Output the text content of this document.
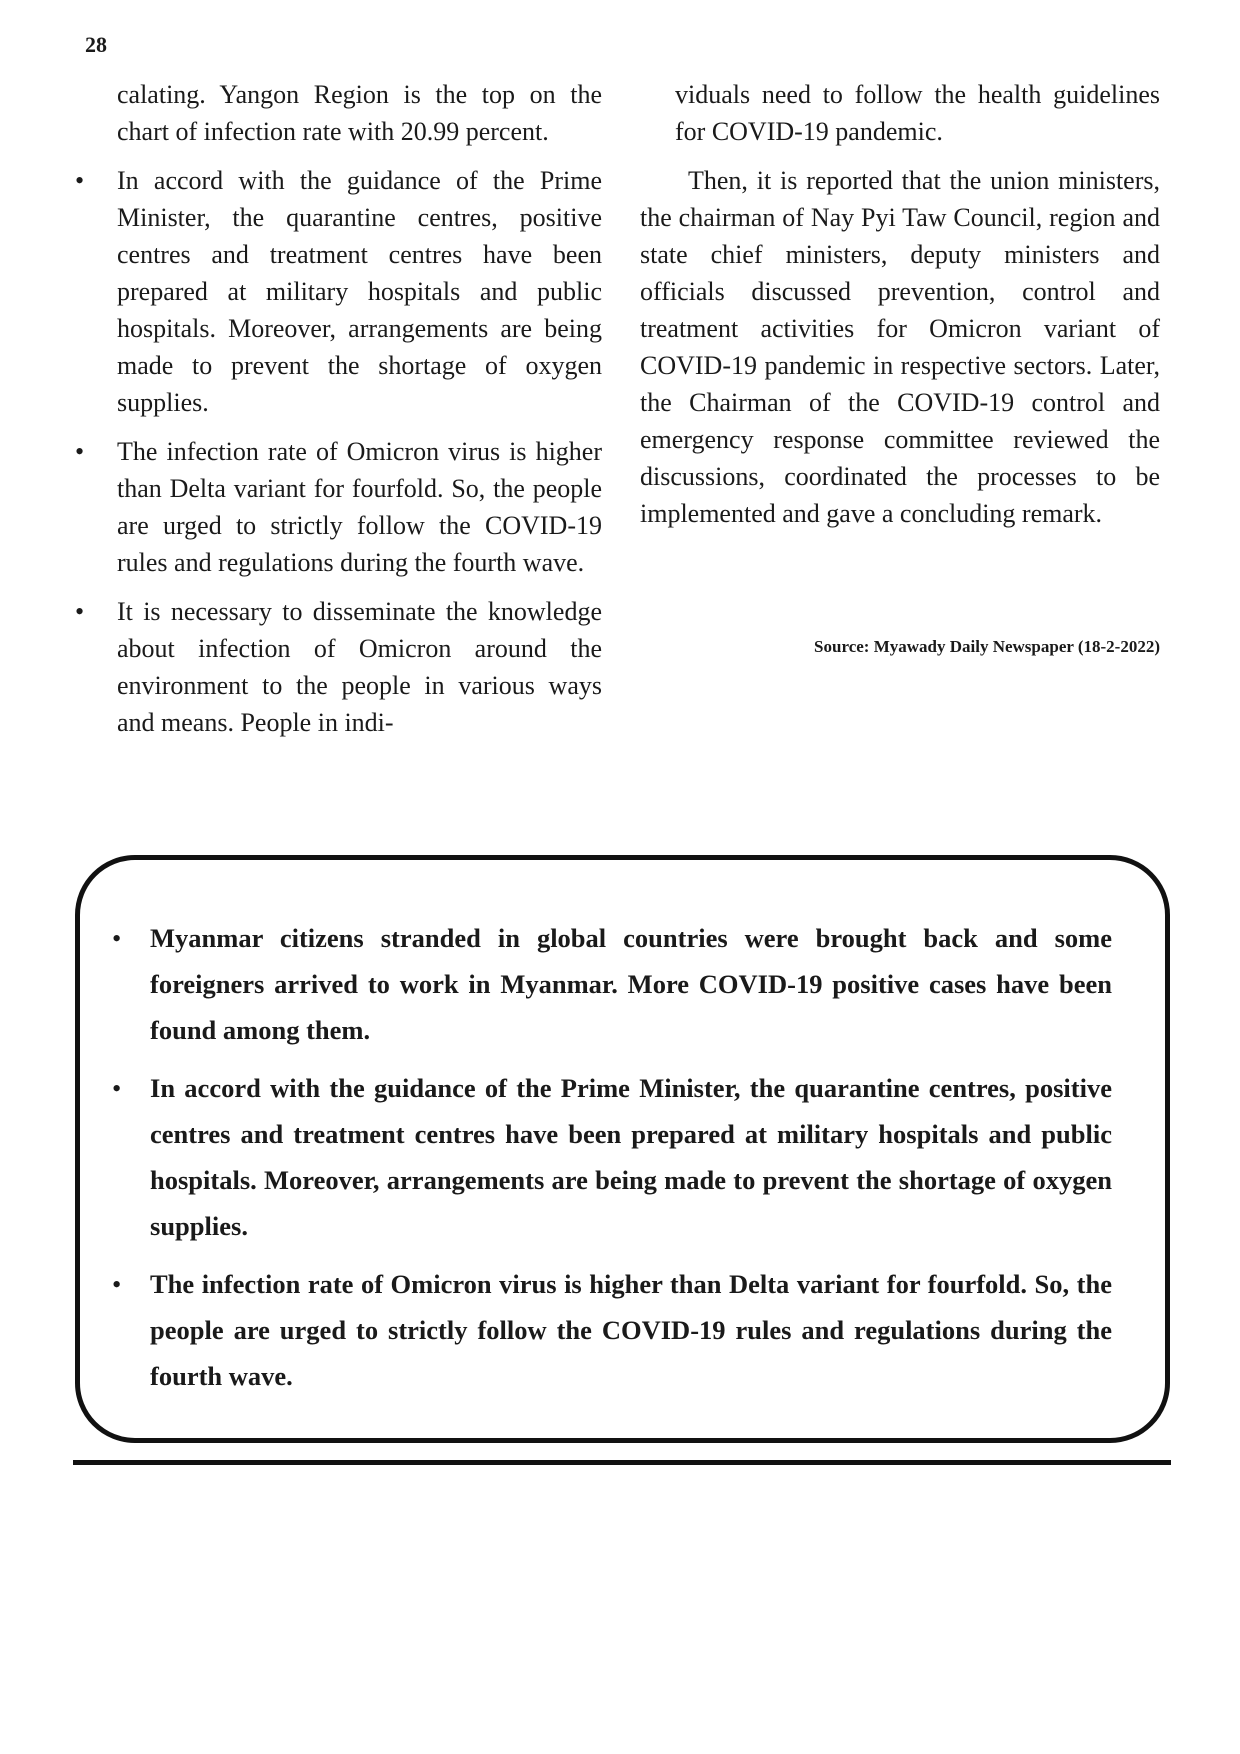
28

calating. Yangon Region is the top on the chart of infection rate with 20.99 percent.

• In accord with the guidance of the Prime Minister, the quarantine centres, positive centres and treatment centres have been prepared at military hospitals and public hospitals. Moreover, arrangements are being made to prevent the shortage of oxygen supplies.
• The infection rate of Omicron virus is higher than Delta variant for fourfold. So, the people are urged to strictly follow the COVID-19 rules and regulations during the fourth wave.
• It is necessary to disseminate the knowledge about infection of Omicron around the environment to the people in various ways and means. People in indi-

viduals need to follow the health guidelines for COVID-19 pandemic.

Then, it is reported that the union ministers, the chairman of Nay Pyi Taw Council, region and state chief ministers, deputy ministers and officials discussed prevention, control and treatment activities for Omicron variant of COVID-19 pandemic in respective sectors. Later, the Chairman of the COVID-19 control and emergency response committee reviewed the discussions, coordinated the processes to be implemented and gave a concluding remark.

Source: Myawady Daily Newspaper (18-2-2022)
• Myanmar citizens stranded in global countries were brought back and some foreigners arrived to work in Myanmar. More COVID-19 positive cases have been found among them.
• In accord with the guidance of the Prime Minister, the quarantine centres, positive centres and treatment centres have been prepared at military hospitals and public hospitals. Moreover, arrangements are being made to prevent the shortage of oxygen supplies.
• The infection rate of Omicron virus is higher than Delta variant for fourfold. So, the people are urged to strictly follow the COVID-19 rules and regulations during the fourth wave.
